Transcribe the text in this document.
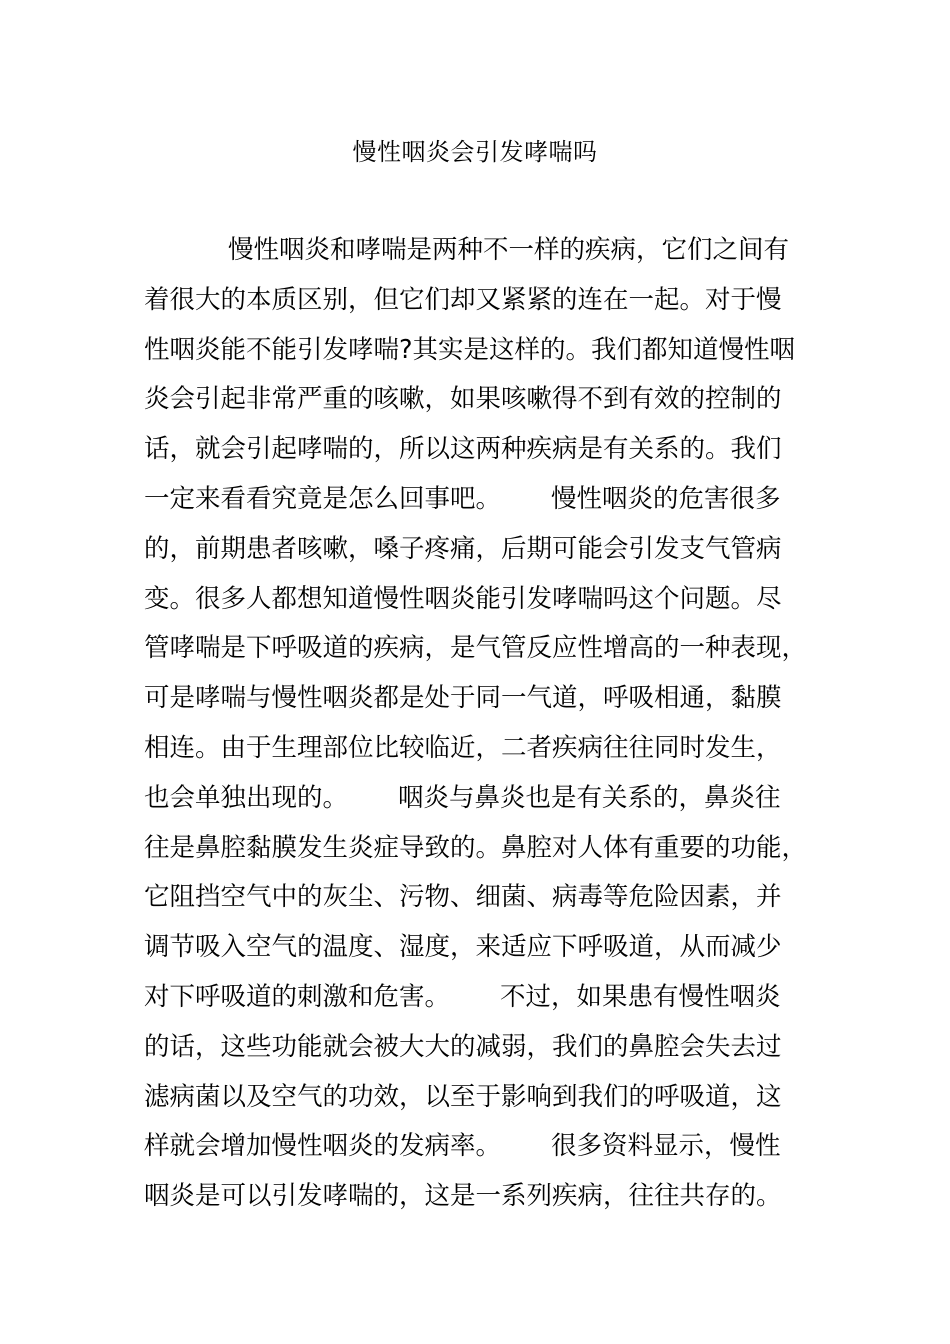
慢性咽炎会引发哮喘吗
慢性咽炎和哮喘是两种不一样的疾病，它们之间有
着很大的本质区别，但它们却又紧紧的连在一起。对于慢
性咽炎能不能引发哮喘?其实是这样的。我们都知道慢性咽
炎会引起非常严重的咳嗽，如果咳嗽得不到有效的控制的
话，就会引起哮喘的，所以这两种疾病是有关系的。我们
一定来看看究竟是怎么回事吧。 慢性咽炎的危害很多
的，前期患者咳嗽，嗓子疼痛，后期可能会引发支气管病
变。很多人都想知道慢性咽炎能引发哮喘吗这个问题。尽
管哮喘是下呼吸道的疾病，是气管反应性增高的一种表现，
可是哮喘与慢性咽炎都是处于同一气道，呼吸相通，黏膜
相连。由于生理部位比较临近，二者疾病往往同时发生，
也会单独出现的。 咽炎与鼻炎也是有关系的，鼻炎往
往是鼻腔黏膜发生炎症导致的。鼻腔对人体有重要的功能，
它阻挡空气中的灰尘、污物、细菌、病毒等危险因素，并
调节吸入空气的温度、湿度，来适应下呼吸道，从而减少
对下呼吸道的刺激和危害。 不过，如果患有慢性咽炎
的话，这些功能就会被大大的减弱，我们的鼻腔会失去过
滤病菌以及空气的功效，以至于影响到我们的呼吸道，这
样就会增加慢性咽炎的发病率。 很多资料显示，慢性
咽炎是可以引发哮喘的，这是一系列疾病，往往共存的。
